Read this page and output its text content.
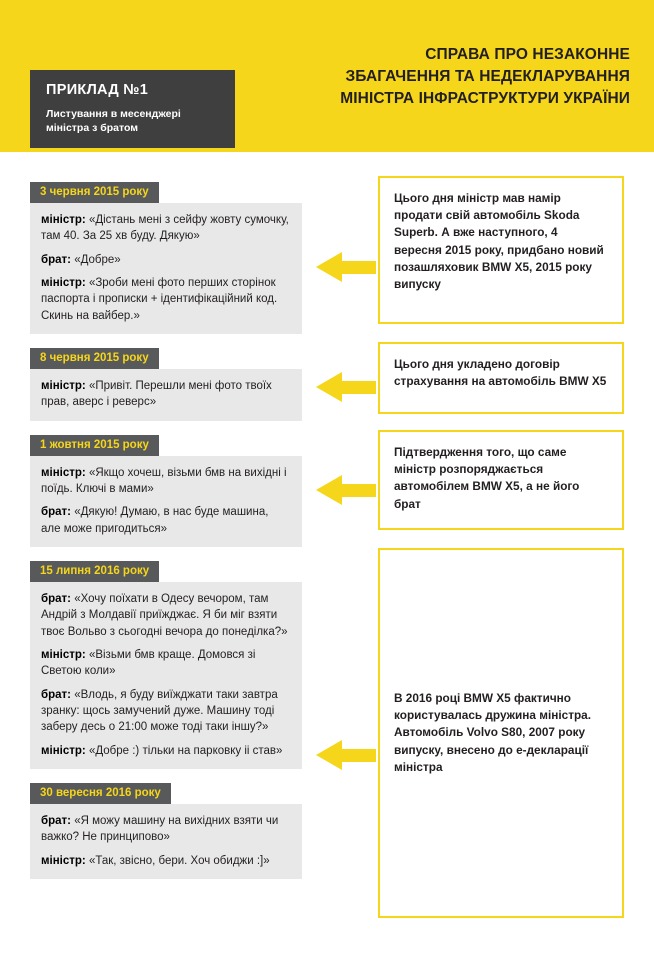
СПРАВА ПРО НЕЗАКОННЕ
ЗБАГАЧЕННЯ ТА НЕДЕКЛАРУВАННЯ
МІНІСТРА ІНФРАСТРУКТУРИ УКРАЇНИ
ПРИКЛАД №1
Листування в месенджері міністра з братом
3 червня 2015 року
міністр: «Дістань мені з сейфу жовту сумочку, там 40. За 25 хв буду. Дякую»
брат: «Добре»
міністр: «Зроби мені фото перших сторінок паспорта і прописки + ідентифікаційний код. Скинь на вайбер.»
8 червня 2015 року
міністр: «Привіт. Перешли мені фото твоїх прав, аверс і реверс»
1 жовтня 2015 року
міністр: «Якщо хочеш, візьми бмв на вихідні і поїдь. Ключі в мами»
брат: «Дякую! Думаю, в нас буде машина, але може пригодиться»
15 липня 2016 року
брат: «Хочу поїхати в Одесу вечором, там Андрій з Молдавії приїжджає. Я би міг взяти твоє Вольво з сьогодні вечора до понеділка?»
міністр: «Візьми бмв краще. Домовся зі Светою коли»
брат: «Влодь, я буду виїжджати таки завтра зранку: щось замучений дуже. Машину тоді заберу десь о 21:00 може тоді таки іншу?»
міністр: «Добре :) тільки на парковку іі став»
30 вересня 2016 року
брат: «Я можу машину на вихідних взяти чи важко? Не принципово»
міністр: «Так, звісно, бери. Хоч обиджи :]»
Цього дня міністр мав намір продати свій автомобіль Skoda Superb. А вже наступного, 4 вересня 2015 року, придбано новий позашляховик BMW X5, 2015 року випуску
Цього дня укладено договір страхування на автомобіль BMW X5
Підтвердження того, що саме міністр розпоряджається автомобілем BMW X5, а не його брат
В 2016 році BMW X5 фактично користувалась дружина міністра. Автомобіль Volvo S80, 2007 року випуску, внесено до е-декларації міністра
